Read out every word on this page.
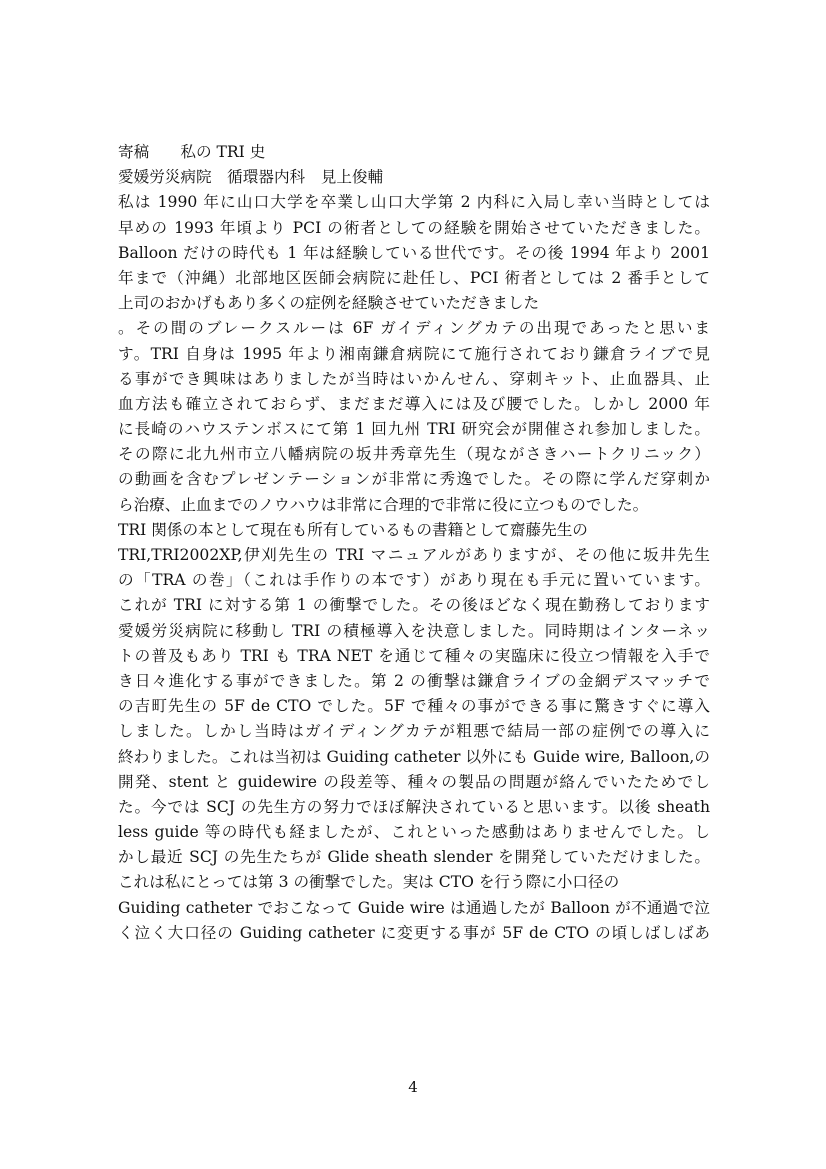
寄稿　　私の TRI 史
愛媛労災病院　循環器内科　見上俊輔
私は 1990 年に山口大学を卒業し山口大学第 2 内科に入局し幸い当時としては
早めの 1993 年頃より PCI の術者としての経験を開始させていただきました。
Balloon だけの時代も 1 年は経験している世代です。その後 1994 年より 2001
年まで（沖縄）北部地区医師会病院に赴任し、PCI 術者としては 2 番手として
上司のおかげもあり多くの症例を経験させていただきました
。その間のブレークスルーは 6F ガイディングカテの出現であったと思いま
す。TRI 自身は 1995 年より湘南鎌倉病院にて施行されており鎌倉ライブで見
る事ができ興味はありましたが当時はいかんせん、穿刺キット、止血器具、止
血方法も確立されておらず、まだまだ導入には及び腰でした。しかし 2000 年
に長崎のハウステンボスにて第 1 回九州 TRI 研究会が開催され参加しました。
その際に北九州市立八幡病院の坂井秀章先生（現ながさきハートクリニック）
の動画を含むプレゼンテーションが非常に秀逸でした。その際に学んだ穿刺か
ら治療、止血までのノウハウは非常に合理的で非常に役に立つものでした。
TRI 関係の本として現在も所有しているもの書籍として齋藤先生の
TRI,TRI2002XP,伊刈先生の TRI マニュアルがありますが、その他に坂井先生
の「TRA の巻」（これは手作りの本です）があり現在も手元に置いています。
これが TRI に対する第 1 の衝撃でした。その後ほどなく現在勤務しております
愛媛労災病院に移動し TRI の積極導入を決意しました。同時期はインターネッ
トの普及もあり TRI も TRA NET を通じて種々の実臨床に役立つ情報を入手で
き日々進化する事ができました。第 2 の衝撃は鎌倉ライブの金網デスマッチで
の吉町先生の 5F de CTO でした。5F で種々の事ができる事に驚きすぐに導入
しました。しかし当時はガイディングカテが粗悪で結局一部の症例での導入に
終わりました。これは当初は Guiding catheter 以外にも Guide wire, Balloon,の
開発、stent と guidewire の段差等、種々の製品の問題が絡んでいたためでし
た。今では SCJ の先生方の努力でほぼ解決されていると思います。以後 sheath
less guide 等の時代も経ましたが、これといった感動はありませんでした。し
かし最近 SCJ の先生たちが Glide sheath slender を開発していただけました。
これは私にとっては第 3 の衝撃でした。実は CTO を行う際に小口径の
Guiding catheter でおこなって Guide wire は通過したが Balloon が不通過で泣
く泣く大口径の Guiding catheter に変更する事が 5F de CTO の頃しばしばあ
4
